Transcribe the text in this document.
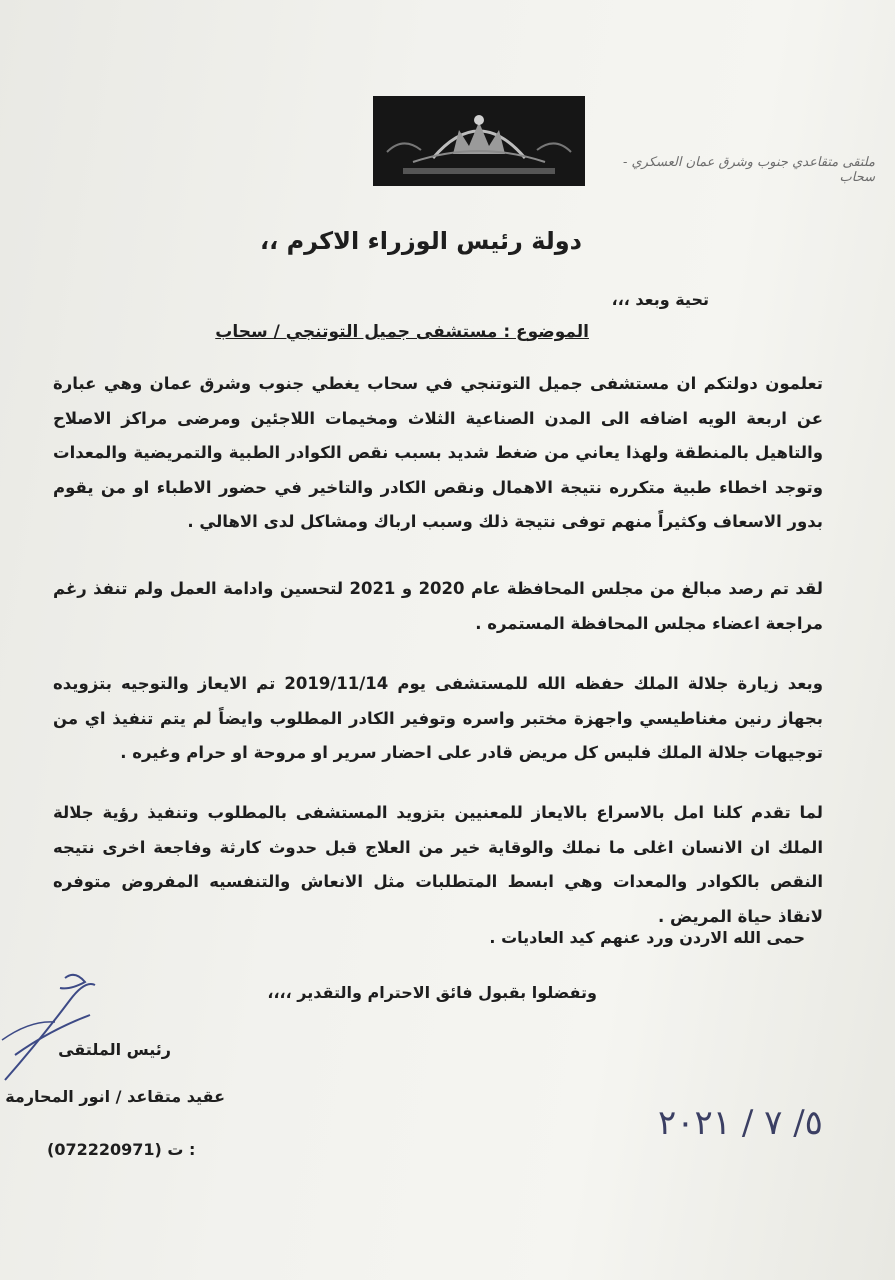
ملتقى متقاعدي جنوب وشرق عمان العسكري - سحاب
دولة رئيس الوزراء الاكرم ،،
تحية وبعد ،،،
الموضوع : مستشفى جميل التوتنجي / سحاب
تعلمون دولتكم ان مستشفى جميل التوتنجي في سحاب يغطي جنوب وشرق عمان وهي عبارة عن اربعة الويه اضافه الى المدن الصناعية الثلاث ومخيمات اللاجئين ومرضى مراكز الاصلاح والتاهيل بالمنطقة ولهذا يعاني من ضغط شديد بسبب نقص الكوادر الطبية والتمريضية والمعدات وتوجد اخطاء طبية متكرره نتيجة الاهمال ونقص الكادر والتاخير في حضور الاطباء او من يقوم بدور الاسعاف وكثيراً منهم توفى نتيجة ذلك وسبب ارباك ومشاكل لدى الاهالي .
لقد تم رصد مبالغ من مجلس المحافظة عام 2020 و 2021 لتحسين وادامة العمل ولم تنفذ رغم مراجعة اعضاء مجلس المحافظة المستمره .
وبعد زيارة جلالة الملك حفظه الله للمستشفى يوم 2019/11/14 تم الايعاز والتوجيه بتزويده بجهاز رنين مغناطيسي واجهزة مختبر واسره وتوفير الكادر المطلوب وايضاً لم يتم تنفيذ اي من توجيهات جلالة الملك فليس كل مريض قادر على احضار سرير او مروحة او حرام وغيره .
لما تقدم كلنا امل بالاسراع بالايعاز للمعنيين بتزويد المستشفى بالمطلوب وتنفيذ رؤية جلالة الملك ان الانسان اغلى ما نملك والوقاية خير من العلاج قبل حدوث كارثة وفاجعة اخرى نتيجه النقص بالكوادر والمعدات وهي ابسط المتطلبات مثل الانعاش والتنفسيه المفروض متوفره لانقاذ حياة المريض .
حمى الله الاردن ورد عنهم كيد العاديات .
وتفضلوا بقبول فائق الاحترام والتقدير ،،،،
رئيس الملتقى
عقيد متقاعد / انور المحارمة
(072220971) ت :
٥/ ٧ / ٢٠٢١
